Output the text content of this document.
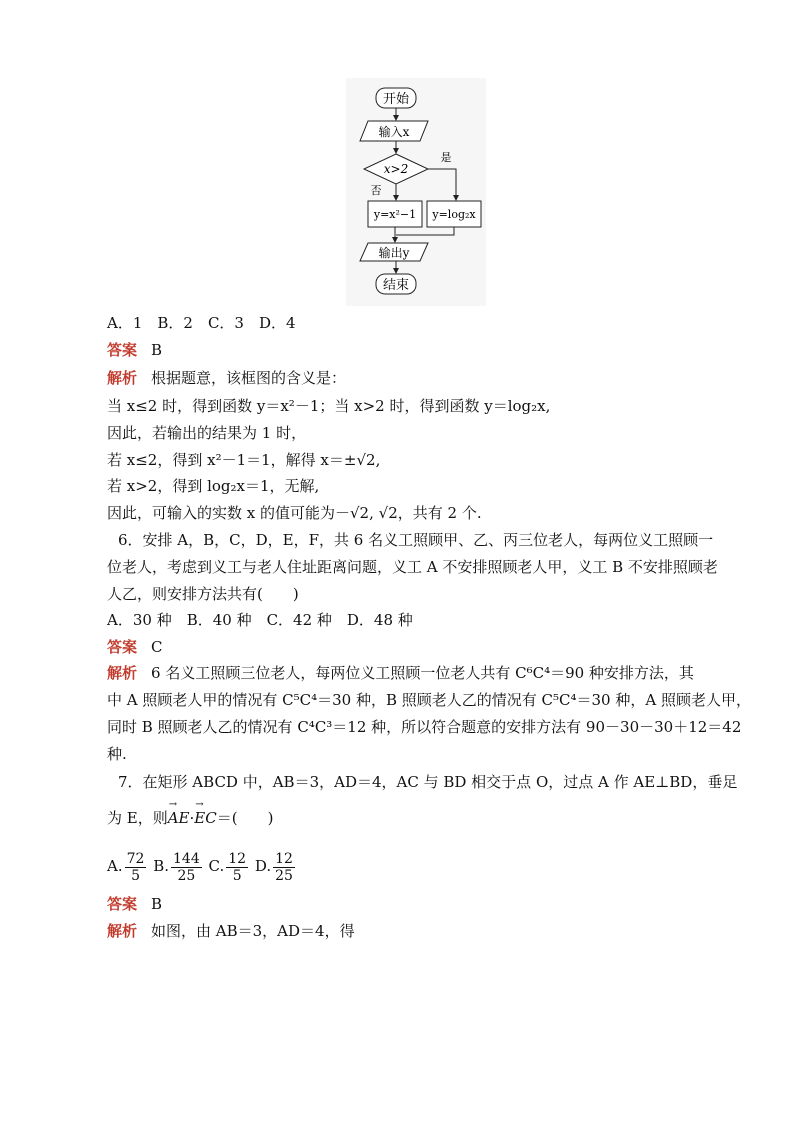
开始
输入x
x>2
是
否
y=x²−1 y=log₂x
输出y
结束
A．1　B．2　C．3　D．4
答案 B
解析 根据题意，该框图的含义是：
当 x≤2 时，得到函数 y＝x²－1；当 x>2 时，得到函数 y＝log₂x,
因此，若输出的结果为 1 时，
若 x≤2，得到 x²－1＝1，解得 x＝±√2,
若 x>2，得到 log₂x＝1，无解,
因此，可输入的实数 x 的值可能为－√2, √2，共有 2 个.
6．安排 A，B，C，D，E，F，共 6 名义工照顾甲、乙、丙三位老人，每两位义工照顾一
位老人，考虑到义工与老人住址距离问题，义工 A 不安排照顾老人甲，义工 B 不安排照顾老
人乙，则安排方法共有(　　)
A．30 种　B．40 种　C．42 种　D．48 种
答案 C
解析 6 名义工照顾三位老人，每两位义工照顾一位老人共有 C⁶C⁴＝90 种安排方法，其
中 A 照顾老人甲的情况有 C⁵C⁴＝30 种，B 照顾老人乙的情况有 C⁵C⁴＝30 种，A 照顾老人甲，
同时 B 照顾老人乙的情况有 C⁴C³＝12 种，所以符合题意的安排方法有 90－30－30＋12＝42
种.
7．在矩形 ABCD 中，AB＝3，AD＝4，AC 与 BD 相交于点 O，过点 A 作 AE⊥BD，垂足
为 E，则→ AE·→ EC＝(　　)
A. $\frac{72}{5} B$. $\frac{144}{25} C$. $\frac{12}{5} D$. $\frac{12}{25}$
答案 B
解析 如图，由 AB＝3，AD＝4，得
